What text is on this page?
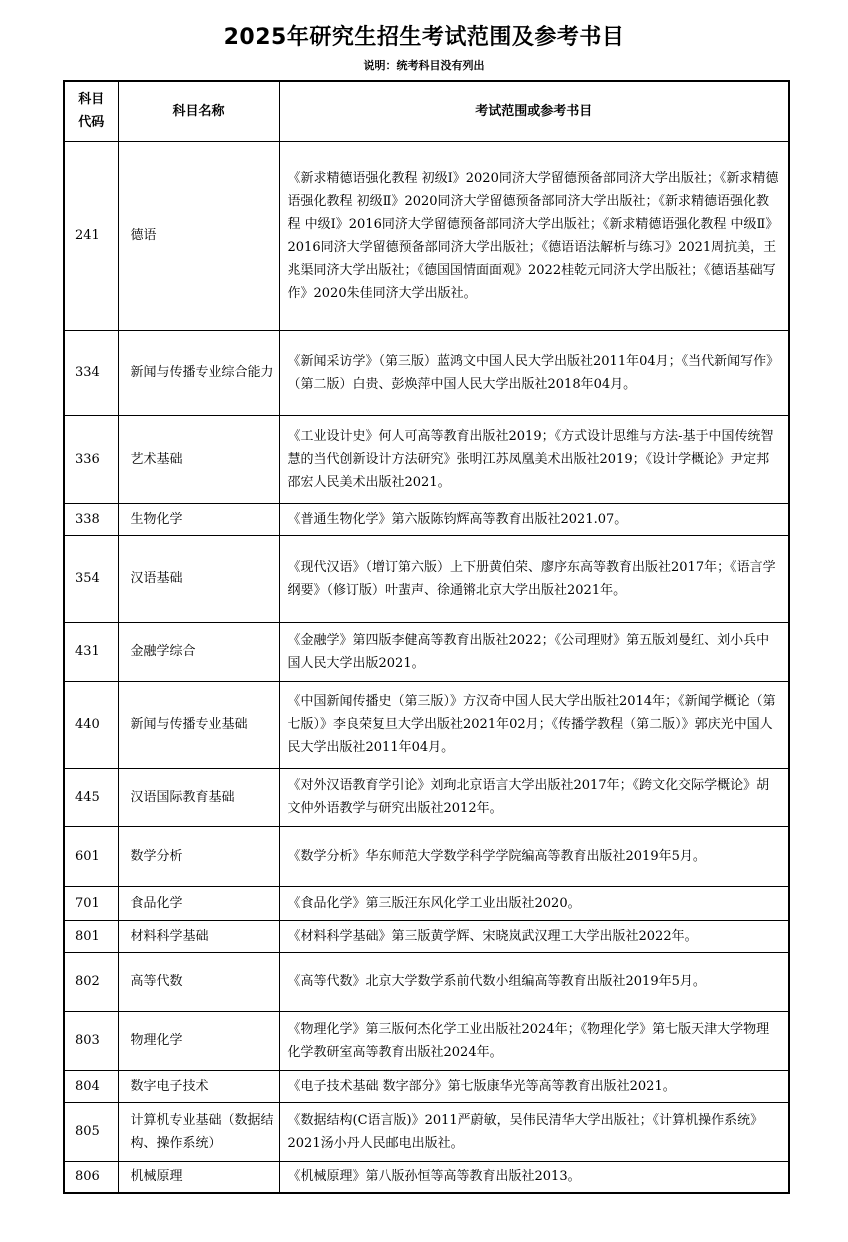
2025年研究生招生考试范围及参考书目
说明：统考科目没有列出
科目代码	科目名称	考试范围或参考书目
241	德语	《新求精德语强化教程 初级Ⅰ》2020同济大学留德预备部同济大学出版社；《新求精德语强化教程 初级Ⅱ》2020同济大学留德预备部同济大学出版社；《新求精德语强化教程 中级Ⅰ》2016同济大学留德预备部同济大学出版社；《新求精德语强化教程 中级Ⅱ》2016同济大学留德预备部同济大学出版社；《德语语法解析与练习》2021周抗美，王兆渠同济大学出版社；《德国国情面面观》2022桂乾元同济大学出版社；《德语基础写作》2020朱佳同济大学出版社。
334	新闻与传播专业综合能力	《新闻采访学》（第三版）蓝鸿文中国人民大学出版社2011年04月；《当代新闻写作》（第二版）白贵、彭焕萍中国人民大学出版社2018年04月。
336	艺术基础	《工业设计史》何人可高等教育出版社2019；《方式设计思维与方法-基于中国传统智慧的当代创新设计方法研究》张明江苏凤凰美术出版社2019；《设计学概论》尹定邦 邵宏人民美术出版社2021。
338	生物化学	《普通生物化学》第六版陈钧辉高等教育出版社2021.07。
354	汉语基础	《现代汉语》（增订第六版）上下册黄伯荣、廖序东高等教育出版社2017年；《语言学纲要》（修订版）叶蜚声、徐通锵北京大学出版社2021年。
431	金融学综合	《金融学》第四版李健高等教育出版社2022；《公司理财》第五版刘曼红、刘小兵中国人民大学出版2021。
440	新闻与传播专业基础	《中国新闻传播史（第三版）》方汉奇中国人民大学出版社2014年；《新闻学概论（第七版）》李良荣复旦大学出版社2021年02月；《传播学教程（第二版）》郭庆光中国人民大学出版社2011年04月。
445	汉语国际教育基础	《对外汉语教育学引论》刘珣北京语言大学出版社2017年；《跨文化交际学概论》胡文仲外语教学与研究出版社2012年。
601	数学分析	《数学分析》华东师范大学数学科学学院编高等教育出版社2019年5月。
701	食品化学	《食品化学》第三版汪东风化学工业出版社2020。
801	材料科学基础	《材料科学基础》第三版黄学辉、宋晓岚武汉理工大学出版社2022年。
802	高等代数	《高等代数》北京大学数学系前代数小组编高等教育出版社2019年5月。
803	物理化学	《物理化学》第三版何杰化学工业出版社2024年；《物理化学》第七版天津大学物理化学教研室高等教育出版社2024年。
804	数字电子技术	《电子技术基础 数字部分》第七版康华光等高等教育出版社2021。
805	计算机专业基础（数据结构、操作系统）	《数据结构(C语言版)》2011严蔚敏，吴伟民清华大学出版社；《计算机操作系统》2021汤小丹人民邮电出版社。
806	机械原理	《机械原理》第八版孙恒等高等教育出版社2013。
